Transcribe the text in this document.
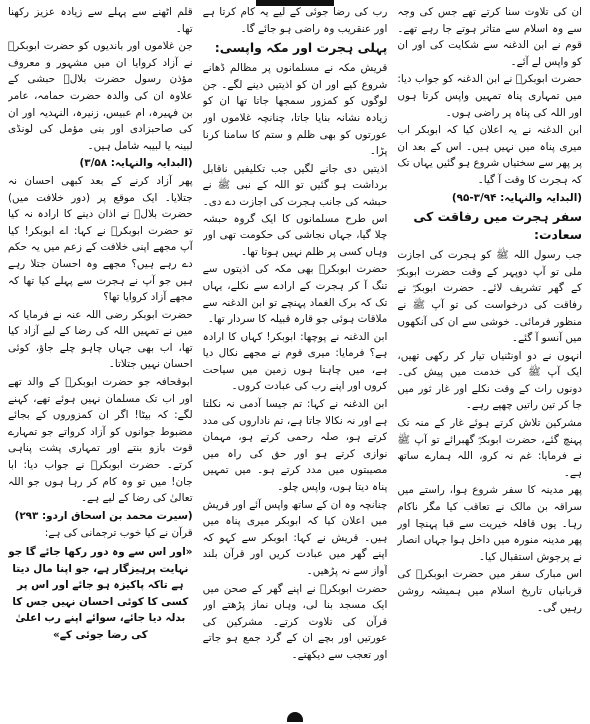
قلم اٹھنے سے پہلے سے زیادہ عزیز رکھنا تھا۔

جن غلاموں اور باندیوں کو حضرت ابوبکرؓ نے آزاد کروایا ان میں مشہور و معروف مؤذن رسول حضرت بلالؓ حبشی کے علاوہ ان کی والدہ حضرت حمامہ، عامر بن فہیرہ، ام عبیس، زنیرہ، النہدیہ اور ان کی صاحبزادی اور بنی مؤمل کی لونڈی لبینہ یا لبیبہ شامل ہیں۔

(البدایہ والنہایہ: ۳/۵۸)

پھر آزاد کرنے کے بعد کبھی احسان نہ جتلایا۔ ایک موقع پر (دور خلافت میں) حضرت بلالؓ نے اذان دینے کا ارادہ نہ کیا تو حضرت ابوبکرؓ نے کہا: اے ابوبکر! کیا آپ مجھے اپنی خلافت کے زعم میں یہ حکم دے رہے ہیں؟ مجھے وہ احسان جتلا رہے ہیں جو آپ نے ہجرت سے پہلے کیا تھا کہ مجھے آزاد کروایا تھا؟

حضرت ابوبکر رضی اللہ عنہ نے فرمایا کہ میں نے تمہیں اللہ کی رضا کے لیے آزاد کیا تھا، اب بھی جہاں چاہو چلے جاؤ، کوئی احسان نہیں جتلاتا۔

ابوقحافہ جو حضرت ابوبکرؓ کے والد تھے اور اب تک مسلمان نہیں ہوئے تھے، کہنے لگے: کہ بیٹا! اگر ان کمزوروں کے بجائے مضبوط جوانوں کو آزاد کرواتے جو تمہارے قوت بازو بنتے اور تمہاری پشت پناہی کرتے۔ حضرت ابوبکرؓ نے جواب دیا: ابا جان! میں تو وہ کام کر رہا ہوں جو اللہ تعالیٰ کی رضا کے لیے ہے۔

(سیرت محمد بن اسحاق اردو: ۲۹۳)

قرآن نے کیا خوب ترجمانی کی ہے:

«اور اس سے وہ دور رکھا جائے گا جو نہایت پرہیزگار ہے، جو اپنا مال دیتا ہے تاکہ پاکیزہ ہو جائے اور اس پر کسی کا کوئی احسان نہیں جس کا بدلہ دیا جائے، سوائے اپنے رب اعلیٰ کی رضا جوئی کے»

رب کی رضا جوئی کے لیے یہ کام کرتا ہے اور عنقریب وہ راضی ہو جائے گا۔

پہلی ہجرت اور مکہ واپسی:

قریش مکہ نے مسلمانوں پر مظالم ڈھانے شروع کیے اور ان کو اذیتیں دینے لگے۔ جن لوگوں کو کمزور سمجھا جاتا تھا ان کو زیادہ نشانہ بنایا جاتا، چنانچہ غلاموں اور عورتوں کو بھی ظلم و ستم کا سامنا کرنا پڑا۔

اذیتیں دی جانے لگیں جب تکلیفیں ناقابل برداشت ہو گئیں تو اللہ کے نبی ﷺ نے حبشہ کی جانب ہجرت کی اجازت دے دی۔ اس طرح مسلمانوں کا ایک گروہ حبشہ چلا گیا، جہاں نجاشی کی حکومت تھی اور وہاں کسی پر ظلم نہیں ہوتا تھا۔

حضرت ابوبکرؓ بھی مکہ کی اذیتوں سے تنگ آ کر ہجرت کے ارادے سے نکلے، یہاں تک کہ برک الغماد پہنچے تو ابن الدغنہ سے ملاقات ہوئی جو قارہ قبیلہ کا سردار تھا۔

ابن الدغنہ نے پوچھا: ابوبکر! کہاں کا ارادہ ہے؟ فرمایا: میری قوم نے مجھے نکال دیا ہے، میں چاہتا ہوں زمین میں سیاحت کروں اور اپنے رب کی عبادت کروں۔

ابن الدغنہ نے کہا: تم جیسا آدمی نہ نکلتا ہے اور نہ نکالا جاتا ہے، تم ناداروں کی مدد کرتے ہو، صلہ رحمی کرتے ہو، مہمان نوازی کرتے ہو اور حق کی راہ میں مصیبتوں میں مدد کرتے ہو۔ میں تمہیں پناہ دیتا ہوں، واپس چلو۔

چنانچہ وہ ان کے ساتھ واپس آئے اور قریش میں اعلان کیا کہ ابوبکر میری پناہ میں ہیں۔ قریش نے کہا: ابوبکر سے کہو کہ اپنے گھر میں عبادت کریں اور قرآن بلند آواز سے نہ پڑھیں۔

حضرت ابوبکرؓ نے اپنے گھر کے صحن میں ایک مسجد بنا لی، وہاں نماز پڑھتے اور قرآن کی تلاوت کرتے۔ مشرکین کی عورتیں اور بچے ان کے گرد جمع ہو جاتے اور تعجب سے دیکھتے۔

ان کی تلاوت سنا کرتے تھے جس کی وجہ سے وہ اسلام سے متاثر ہوتے جا رہے تھے۔ قوم نے ابن الدغنہ سے شکایت کی اور ان کو واپس لے آئے۔

حضرت ابوبکرؓ نے ابن الدغنہ کو جواب دیا: میں تمہاری پناہ تمہیں واپس کرتا ہوں اور اللہ کی پناہ پر راضی ہوں۔

ابن الدغنہ نے یہ اعلان کیا کہ ابوبکر اب میری پناہ میں نہیں ہیں۔ اس کے بعد ان پر پھر سے سختیاں شروع ہو گئیں یہاں تک کہ ہجرت کا وقت آ گیا۔

(البدایہ والنہایہ: ۳/۹۴-۹۵)

سفر ہجرت میں رفاقت کی سعادت:

جب رسول اللہ ﷺ کو ہجرت کی اجازت ملی تو آپ دوپہر کے وقت حضرت ابوبکرؓ کے گھر تشریف لائے۔ حضرت ابوبکرؓ نے رفاقت کی درخواست کی تو آپ ﷺ نے منظور فرمائی۔ خوشی سے ان کی آنکھوں میں آنسو آ گئے۔

انہوں نے دو اونٹنیاں تیار کر رکھی تھیں، ایک آپ ﷺ کی خدمت میں پیش کی۔ دونوں رات کے وقت نکلے اور غار ثور میں جا کر تین راتیں چھپے رہے۔

مشرکین تلاش کرتے ہوئے غار کے منہ تک پہنچ گئے، حضرت ابوبکرؓ گھبرائے تو آپ ﷺ نے فرمایا: غم نہ کرو، اللہ ہمارے ساتھ ہے۔

پھر مدینہ کا سفر شروع ہوا، راستے میں سراقہ بن مالک نے تعاقب کیا مگر ناکام رہا۔ یوں قافلہ خیریت سے قبا پہنچا اور پھر مدینہ منورہ میں داخل ہوا جہاں انصار نے پرجوش استقبال کیا۔

اس مبارک سفر میں حضرت ابوبکرؓ کی قربانیاں تاریخ اسلام میں ہمیشہ روشن رہیں گی۔
